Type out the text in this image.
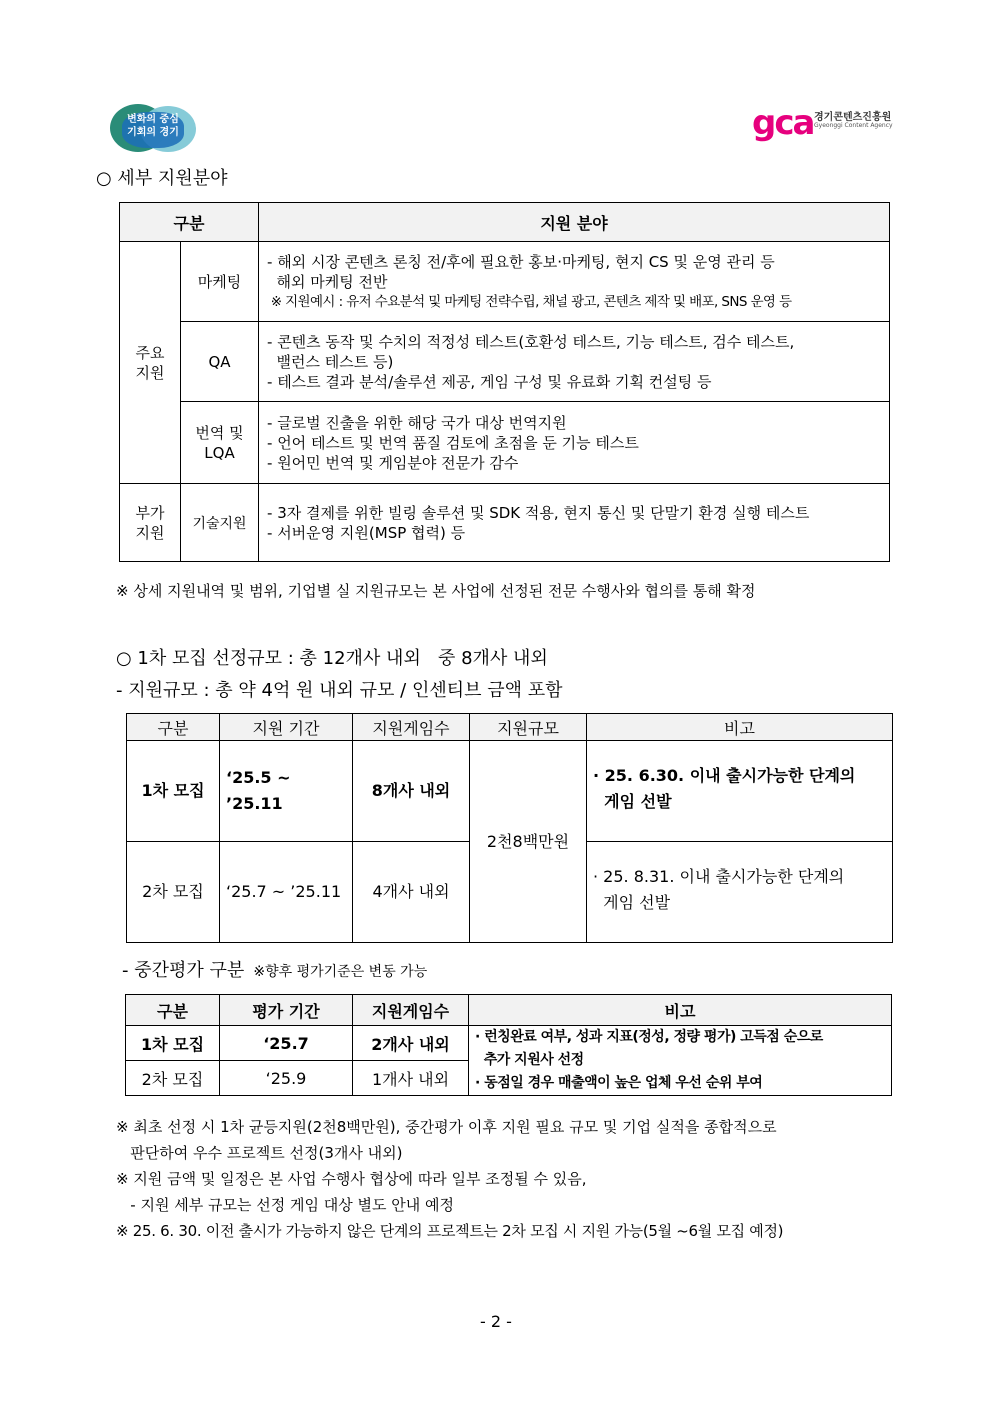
변화의 중심
기회의 경기	gca 경기콘텐츠진흥원
Gyeonggi Content Agency
○ 세부 지원분야
구분		지원 분야
주요
지원	마케팅	- 해외 시장 콘텐츠 론칭 전/후에 필요한 홍보·마케팅, 현지 CS 및 운영 관리 등
해외 마케팅 전반
※ 지원예시 : 유저 수요분석 및 마케팅 전략수립, 채널 광고, 콘텐츠 제작 및 배포, SNS 운영 등

	QA	- 콘텐츠 동작 및 수치의 적정성 테스트(호환성 테스트, 기능 테스트, 검수 테스트,
밸런스 테스트 등)
- 테스트 결과 분석/솔루션 제공, 게임 구성 및 유료화 기획 컨설팅 등

	번역 및
LQA	- 글로벌 진출을 위한 해당 국가 대상 번역지원
- 언어 테스트 및 번역 품질 검토에 초점을 둔 기능 테스트
- 원어민 번역 및 게임분야 전문가 감수

부가
지원	기술지원	- 3자 결제를 위한 빌링 솔루션 및 SDK 적용, 현지 통신 및 단말기 환경 실행 테스트
- 서버운영 지원(MSP 협력) 등
※ 상세 지원내역 및 범위, 기업별 실 지원규모는 본 사업에 선정된 전문 수행사와 협의를 통해 확정
○ 1차 모집 선정규모 : 총 12개사 내외   중 8개사 내외
- 지원규모 : 총 약 4억 원 내외 규모 / 인센티브 금액 포함
구분	지원 기간	지원게임수	지원규모	비고
1차 모집	‘25.5 ~ ’25.11	8개사 내외	2천8백만원	· 25. 6.30. 이내 출시가능한 단계의
게임 선발

2차 모집	‘25.7 ~ ’25.11	4개사 내외		· 25. 8.31. 이내 출시가능한 단계의
게임 선발
- 중간평가 구분 ※향후 평가기준은 변동 가능
구분	평가 기간	지원게임수	비고
1차 모집	‘25.7	2개사 내외	· 런칭완료 여부, 성과 지표(정성, 정량 평가) 고득점 순으로
추가 지원사 선정
· 동점일 경우 매출액이 높은 업체 우선 순위 부여

2차 모집	‘25.9	1개사 내외	
※ 최초 선정 시 1차 균등지원(2천8백만원), 중간평가 이후 지원 필요 규모 및 기업 실적을 종합적으로
판단하여 우수 프로젝트 선정(3개사 내외)
※ 지원 금액 및 일정은 본 사업 수행사 협상에 따라 일부 조정될 수 있음,
- 지원 세부 규모는 선정 게임 대상 별도 안내 예정
※ 25. 6. 30. 이전 출시가 가능하지 않은 단계의 프로젝트는 2차 모집 시 지원 가능(5월 ~6월 모집 예정)
- 2 -
